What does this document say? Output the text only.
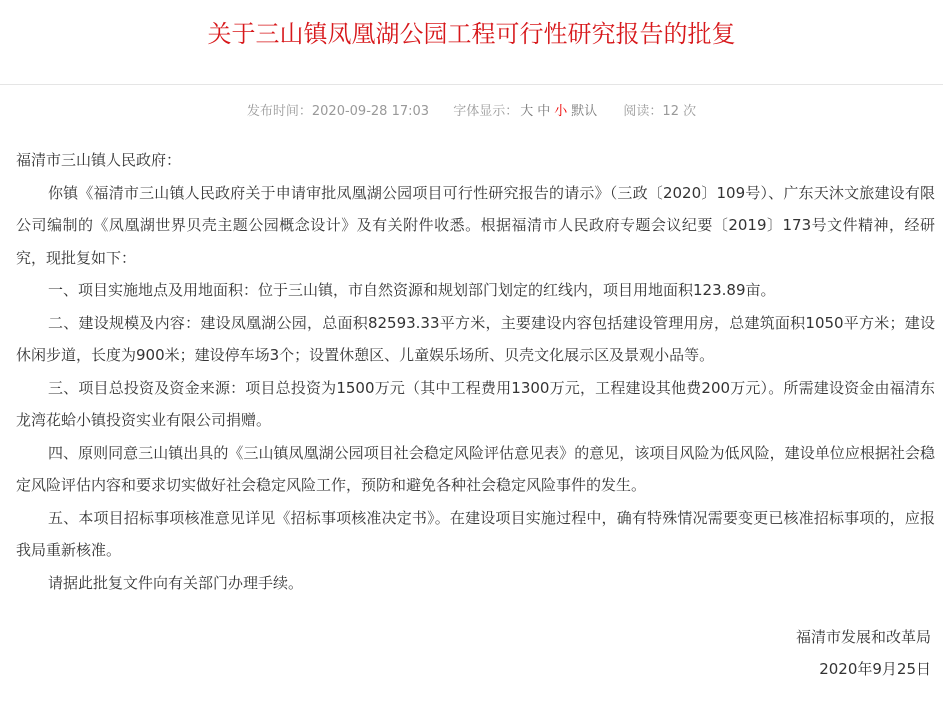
关于三山镇凤凰湖公园工程可行性研究报告的批复
发布时间：2020-09-28 17:03 字体显示： 大 中 小 默认 阅读：12 次

福清市三山镇人民政府：

你镇《福清市三山镇人民政府关于申请审批凤凰湖公园项目可行性研究报告的请示》（三政〔2020〕109号）、广东天沐文旅建设有限公司编制的《凤凰湖世界贝壳主题公园概念设计》及有关附件收悉。根据福清市人民政府专题会议纪要〔2019〕173号文件精神，经研究，现批复如下：

一、项目实施地点及用地面积：位于三山镇，市自然资源和规划部门划定的红线内，项目用地面积123.89亩。

二、建设规模及内容：建设凤凰湖公园，总面积82593.33平方米，主要建设内容包括建设管理用房，总建筑面积1050平方米；建设休闲步道，长度为900米；建设停车场3个；设置休憩区、儿童娱乐场所、贝壳文化展示区及景观小品等。

三、项目总投资及资金来源：项目总投资为1500万元（其中工程费用1300万元，工程建设其他费200万元）。所需建设资金由福清东龙湾花蛤小镇投资实业有限公司捐赠。

四、原则同意三山镇出具的《三山镇凤凰湖公园项目社会稳定风险评估意见表》的意见，该项目风险为低风险，建设单位应根据社会稳定风险评估内容和要求切实做好社会稳定风险工作，预防和避免各种社会稳定风险事件的发生。

五、本项目招标事项核准意见详见《招标事项核准决定书》。在建设项目实施过程中，确有特殊情况需要变更已核准招标事项的，应报我局重新核准。

请据此批复文件向有关部门办理手续。

福清市发展和改革局
2020年9月25日
